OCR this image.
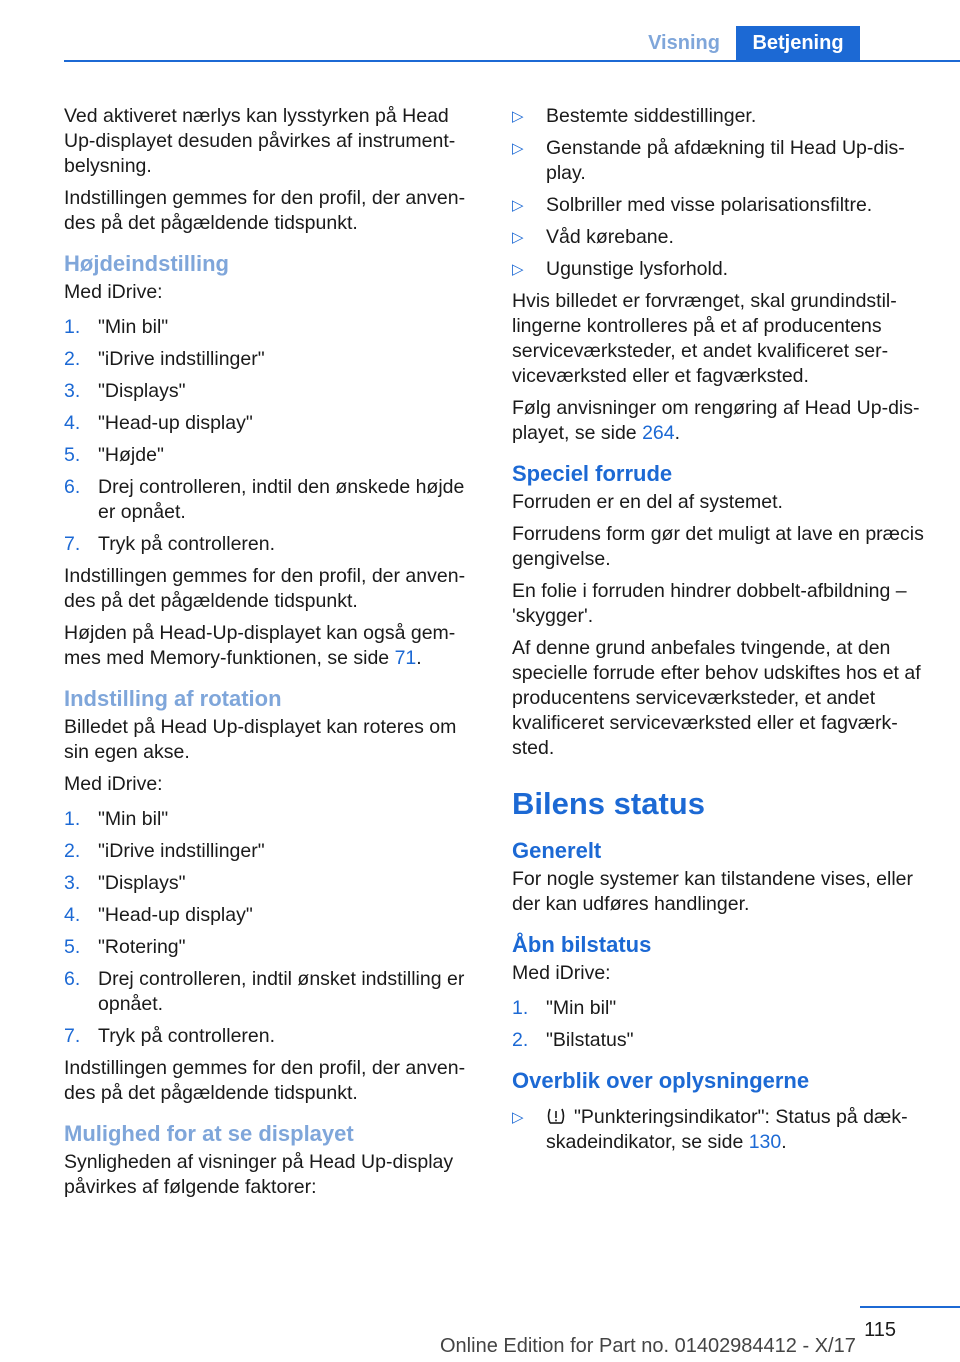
Visning	Betjening

Ved aktiveret nærlys kan lysstyrken på Head Up-displayet desuden påvirkes af instrumentbelysning.

Indstillingen gemmes for den profil, der anvendes på det pågældende tidspunkt.

Højdeindstilling

Med iDrive:

1. "Min bil"
2. "iDrive indstillinger"
3. "Displays"
4. "Head-up display"
5. "Højde"
6. Drej controlleren, indtil den ønskede højde er opnået.
7. Tryk på controlleren.

Indstillingen gemmes for den profil, der anvendes på det pågældende tidspunkt.

Højden på Head-Up-displayet kan også gemmes med Memory-funktionen, se side 71.

Indstilling af rotation

Billedet på Head Up-displayet kan roteres om sin egen akse.

Med iDrive:

1. "Min bil"
2. "iDrive indstillinger"
3. "Displays"
4. "Head-up display"
5. "Rotering"
6. Drej controlleren, indtil ønsket indstilling er opnået.
7. Tryk på controlleren.

Indstillingen gemmes for den profil, der anvendes på det pågældende tidspunkt.

Mulighed for at se displayet

Synligheden af visninger på Head Up-display påvirkes af følgende faktorer:

▷ Bestemte siddestillinger.
▷ Genstande på afdækning til Head Up-display.
▷ Solbriller med visse polarisationsfiltre.
▷ Våd kørebane.
▷ Ugunstige lysforhold.

Hvis billedet er forvrænget, skal grundindstillingerne kontrolleres på et af producentens serviceværksteder, et andet kvalificeret serviceværksted eller et fagværksted.

Følg anvisninger om rengøring af Head Up-displayet, se side 264.

Speciel forrude

Forruden er en del af systemet.

Forrudens form gør det muligt at lave en præcis gengivelse.

En folie i forruden hindrer dobbelt-afbildning – 'skygger'.

Af denne grund anbefales tvingende, at den specielle forrude efter behov udskiftes hos et af producentens serviceværksteder, et andet kvalificeret serviceværksted eller et fagværksted.

Bilens status
Generelt

For nogle systemer kan tilstandene vises, eller der kan udføres handlinger.

Åbn bilstatus

Med iDrive:

1. "Min bil"
2. "Bilstatus"
Overblik over oplysningerne
▷	"Punkteringsindikator": Status på dækskadeindikator, se side 130.
115
Online Edition for Part no. 01402984412 - X/17
